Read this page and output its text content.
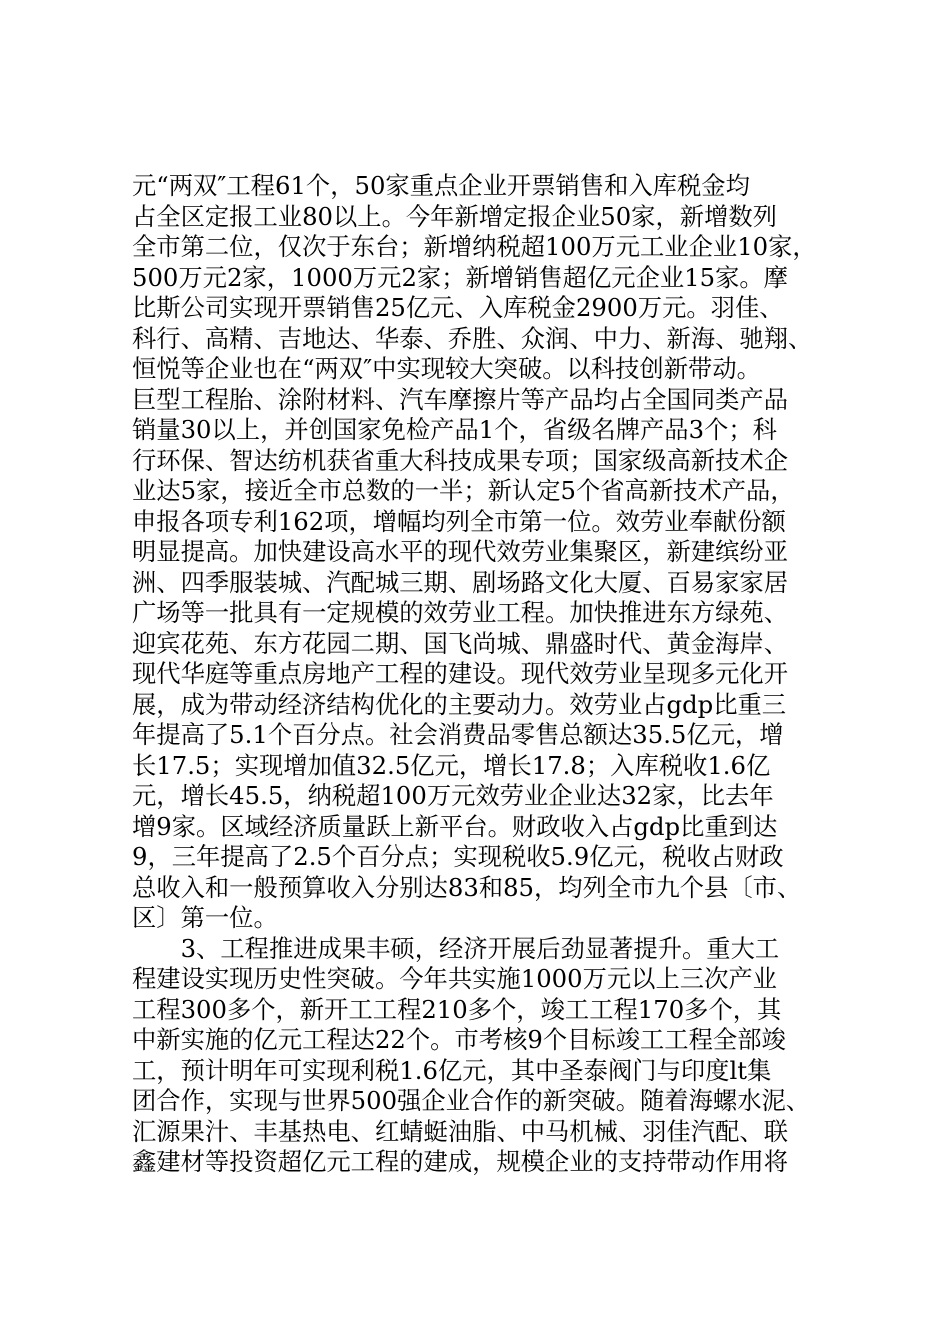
元“两双″工程61个，50家重点企业开票销售和入库税金均
占全区定报工业80以上。今年新增定报企业50家，新增数列
全市第二位，仅次于东台；新增纳税超100万元工业企业10家，
500万元2家，1000万元2家；新增销售超亿元企业15家。摩
比斯公司实现开票销售25亿元、入库税金2900万元。羽佳、
科行、高精、吉地达、华泰、乔胜、众润、中力、新海、驰翔、
恒悦等企业也在“两双″中实现较大突破。以科技创新带动。
巨型工程胎、涂附材料、汽车摩擦片等产品均占全国同类产品
销量30以上，并创国家免检产品1个，省级名牌产品3个；科
行环保、智达纺机获省重大科技成果专项；国家级高新技术企
业达5家，接近全市总数的一半；新认定5个省高新技术产品，
申报各项专利162项，增幅均列全市第一位。效劳业奉献份额
明显提高。加快建设高水平的现代效劳业集聚区，新建缤纷亚
洲、四季服装城、汽配城三期、剧场路文化大厦、百易家家居
广场等一批具有一定规模的效劳业工程。加快推进东方绿苑、
迎宾花苑、东方花园二期、国飞尚城、鼎盛时代、黄金海岸、
现代华庭等重点房地产工程的建设。现代效劳业呈现多元化开
展，成为带动经济结构优化的主要动力。效劳业占gdp比重三
年提高了5.1个百分点。社会消费品零售总额达35.5亿元，增
长17.5；实现增加值32.5亿元，增长17.8；入库税收1.6亿
元，增长45.5，纳税超100万元效劳业企业达32家，比去年
增9家。区域经济质量跃上新平台。财政收入占gdp比重到达
9，三年提高了2.5个百分点；实现税收5.9亿元，税收占财政
总收入和一般预算收入分别达83和85，均列全市九个县〔市、
区〕第一位。
　　3、工程推进成果丰硕，经济开展后劲显著提升。重大工
程建设实现历史性突破。今年共实施1000万元以上三次产业
工程300多个，新开工工程210多个，竣工工程170多个，其
中新实施的亿元工程达22个。市考核9个目标竣工工程全部竣
工，预计明年可实现利税1.6亿元，其中圣泰阀门与印度lt集
团合作，实现与世界500强企业合作的新突破。随着海螺水泥、
汇源果汁、丰基热电、红蜻蜓油脂、中马机械、羽佳汽配、联
鑫建材等投资超亿元工程的建成，规模企业的支持带动作用将
